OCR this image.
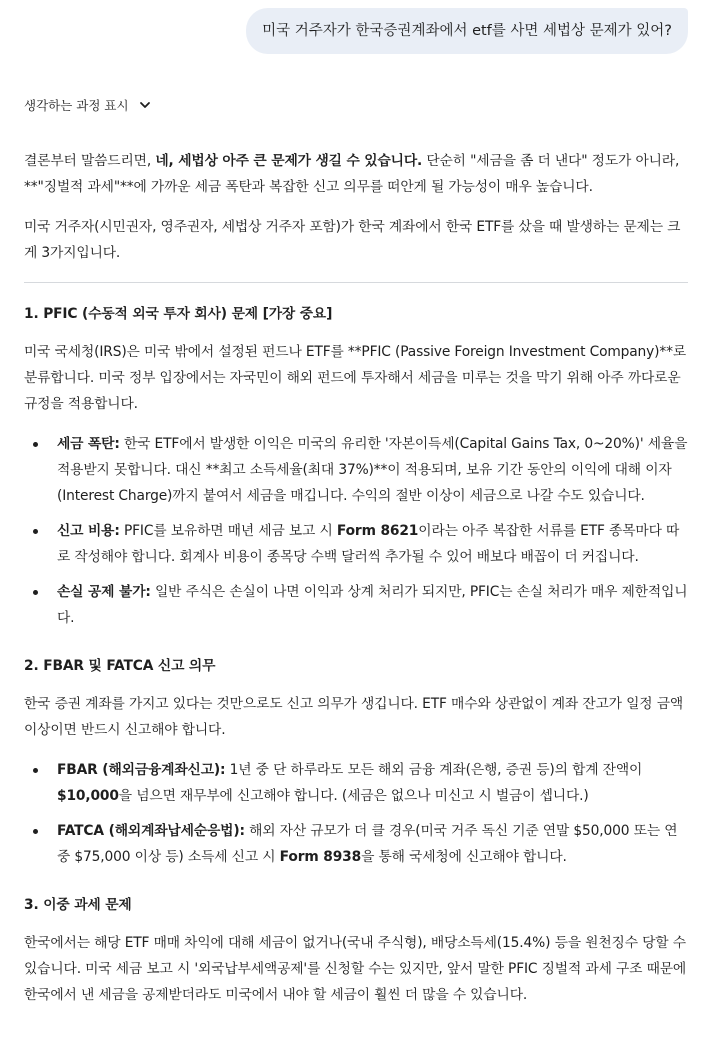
미국 거주자가 한국증권계좌에서 etf를 사면 세법상 문제가 있어?
생각하는 과정 표시

결론부터 말씀드리면, 네, 세법상 아주 큰 문제가 생길 수 있습니다. 단순히 "세금을 좀 더 낸다" 정도가 아니라, **"징벌적 과세"**에 가까운 세금 폭탄과 복잡한 신고 의무를 떠안게 될 가능성이 매우 높습니다.

미국 거주자(시민권자, 영주권자, 세법상 거주자 포함)가 한국 계좌에서 한국 ETF를 샀을 때 발생하는 문제는 크게 3가지입니다.

1. PFIC (수동적 외국 투자 회사) 문제 [가장 중요]

미국 국세청(IRS)은 미국 밖에서 설정된 펀드나 ETF를 **PFIC (Passive Foreign Investment Company)**로 분류합니다. 미국 정부 입장에서는 자국민이 해외 펀드에 투자해서 세금을 미루는 것을 막기 위해 아주 까다로운 규정을 적용합니다.

세금 폭탄: 한국 ETF에서 발생한 이익은 미국의 유리한 '자본이득세(Capital Gains Tax, 0~20%)' 세율을 적용받지 못합니다. 대신 **최고 소득세율(최대 37%)**이 적용되며, 보유 기간 동안의 이익에 대해 이자(Interest Charge)까지 붙여서 세금을 매깁니다. 수익의 절반 이상이 세금으로 나갈 수도 있습니다.
신고 비용: PFIC를 보유하면 매년 세금 보고 시 Form 8621이라는 아주 복잡한 서류를 ETF 종목마다 따로 작성해야 합니다. 회계사 비용이 종목당 수백 달러씩 추가될 수 있어 배보다 배꼽이 더 커집니다.
손실 공제 불가: 일반 주식은 손실이 나면 이익과 상계 처리가 되지만, PFIC는 손실 처리가 매우 제한적입니다.
2. FBAR 및 FATCA 신고 의무

한국 증권 계좌를 가지고 있다는 것만으로도 신고 의무가 생깁니다. ETF 매수와 상관없이 계좌 잔고가 일정 금액 이상이면 반드시 신고해야 합니다.

FBAR (해외금융계좌신고): 1년 중 단 하루라도 모든 해외 금융 계좌(은행, 증권 등)의 합계 잔액이 $10,000을 넘으면 재무부에 신고해야 합니다. (세금은 없으나 미신고 시 벌금이 셉니다.)
FATCA (해외계좌납세순응법): 해외 자산 규모가 더 클 경우(미국 거주 독신 기준 연말 $50,000 또는 연중 $75,000 이상 등) 소득세 신고 시 Form 8938을 통해 국세청에 신고해야 합니다.
3. 이중 과세 문제

한국에서는 해당 ETF 매매 차익에 대해 세금이 없거나(국내 주식형), 배당소득세(15.4%) 등을 원천징수 당할 수 있습니다. 미국 세금 보고 시 '외국납부세액공제'를 신청할 수는 있지만, 앞서 말한 PFIC 징벌적 과세 구조 때문에 한국에서 낸 세금을 공제받더라도 미국에서 내야 할 세금이 훨씬 더 많을 수 있습니다.
